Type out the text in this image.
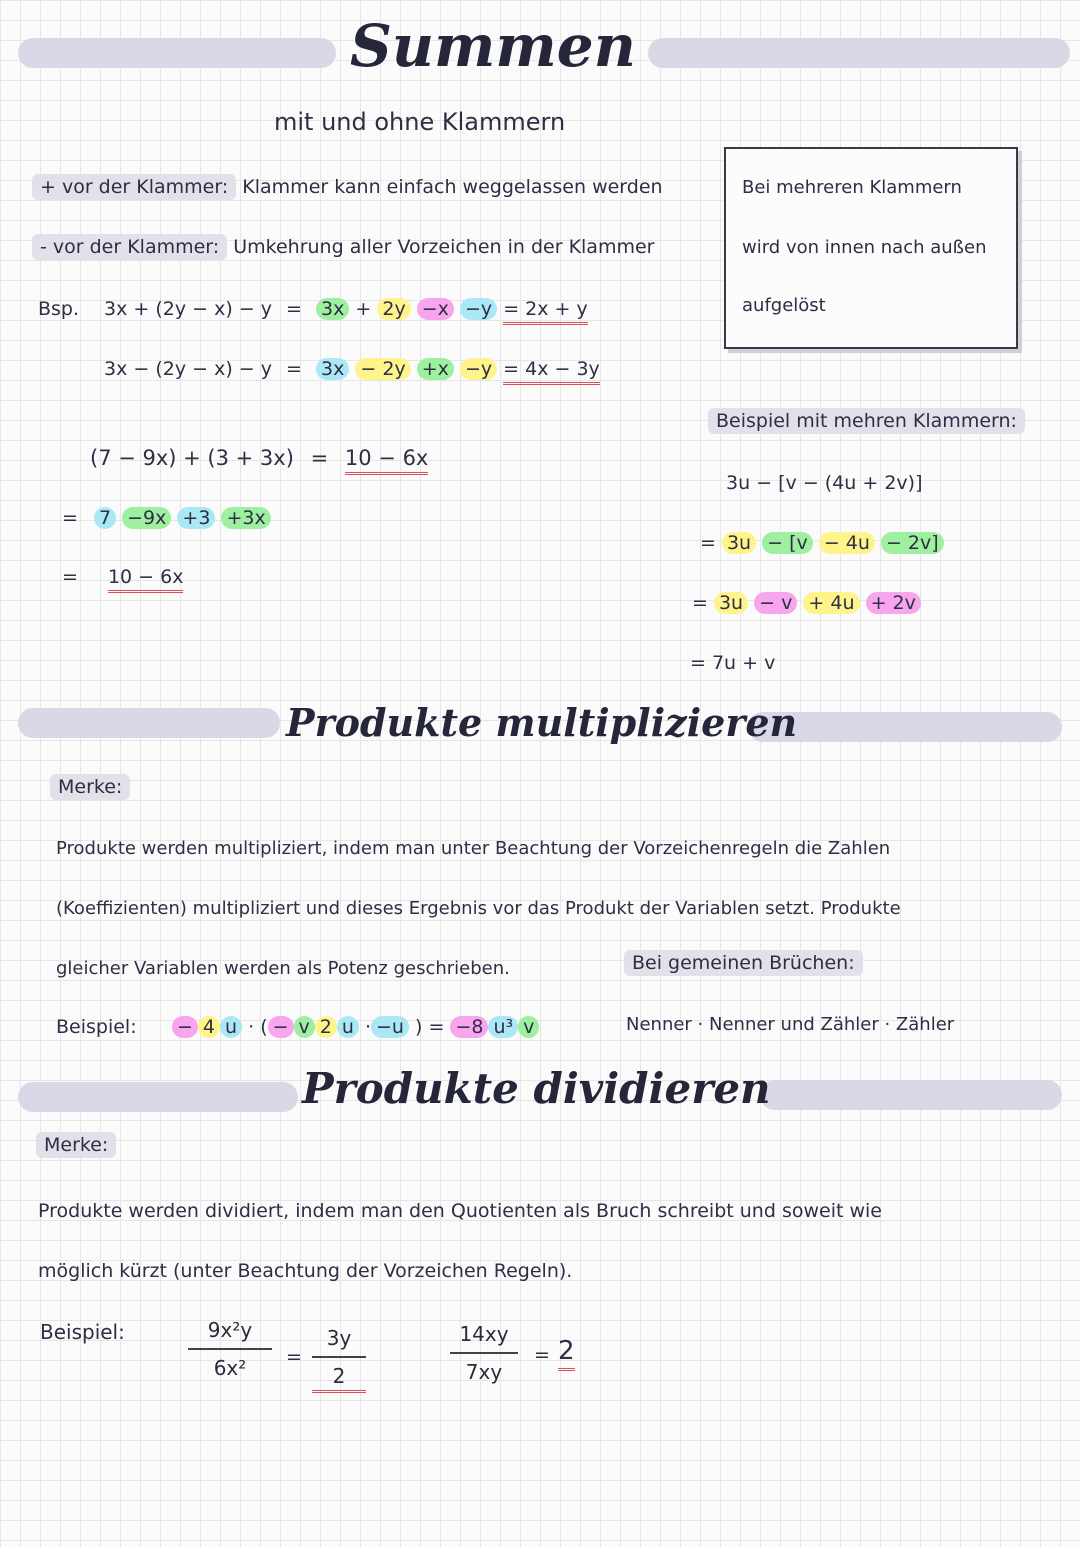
Summen
mit und ohne Klammern
+ vor der Klammer: Klammer kann einfach weggelassen werden
- vor der Klammer: Umkehrung aller Vorzeichen in der Klammer
Bsp. 3x + (2y − x) − y = 3x + 2y −x −y = 2x + y
3x − (2y − x) − y = 3x − 2y +x −y = 4x − 3y
(7 − 9x) + (3 + 3x) = 10 − 6x
= 7 −9x +3 +3x
= 10 − 6x
Bei mehreren Klammern
wird von innen nach außen
aufgelöst
Beispiel mit mehren Klammern:
3u − [v − (4u + 2v)]
= 3u − [v − 4u − 2v]
= 3u − v + 4u + 2v
= 7u + v
Produkte multiplizieren
Merke:
Produkte werden multipliziert, indem man unter Beachtung der Vorzeichenregeln die Zahlen
(Koeffizienten) multipliziert und dieses Ergebnis vor das Produkt der Variablen setzt. Produkte
gleicher Variablen werden als Potenz geschrieben.	Bei gemeinen Brüchen:
Nenner · Nenner und Zähler · Zähler
Beispiel: − 4 u · ( − v 2 u · −u ) = −8 u³ v
Produkte dividieren
Merke:
Produkte werden dividiert, indem man den Quotienten als Bruch schreibt und soweit wie
möglich kürzt (unter Beachtung der Vorzeichen Regeln).
Beispiel:	9x²y
6x²	=
3y
2
14xy
7xy
= 2
